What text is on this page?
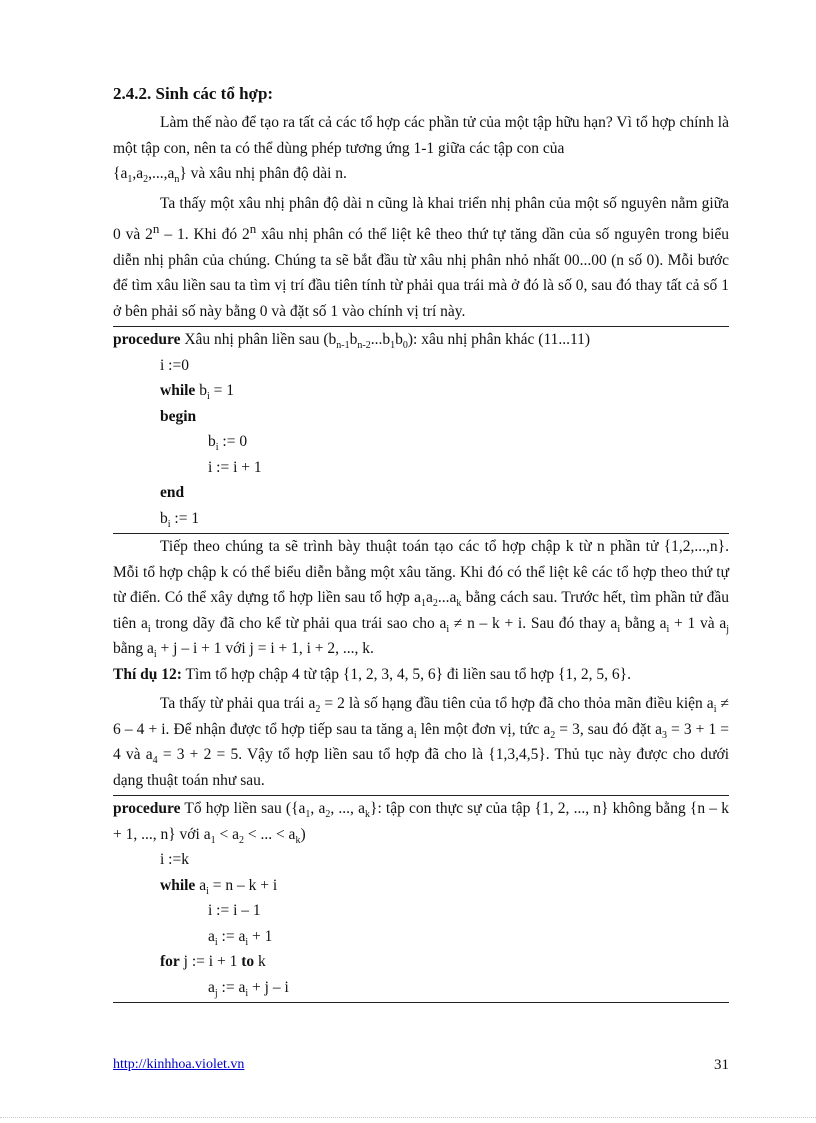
2.4.2. Sinh các tổ hợp:

Làm thế nào để tạo ra tất cả các tổ hợp các phần tử của một tập hữu hạn? Vì tổ hợp chính là một tập con, nên ta có thể dùng phép tương ứng 1-1 giữa các tập con của
$\{a_1,a_2,...,a_n\}$ và xâu nhị phân độ dài n.

Ta thấy một xâu nhị phân độ dài n cũng là khai triển nhị phân của một số nguyên nằm giữa 0 và 2$^n$ – 1. Khi đó 2$^n$ xâu nhị phân có thể liệt kê theo thứ tự tăng dần của số nguyên trong biểu diễn nhị phân của chúng. Chúng ta sẽ bắt đầu từ xâu nhị phân nhỏ nhất 00...00 (n số 0). Mỗi bước để tìm xâu liền sau ta tìm vị trí đầu tiên tính từ phải qua trái mà ở đó là số 0, sau đó thay tất cả số 1 ở bên phải số này bằng 0 và đặt số 1 vào chính vị trí này.

procedure Xâu nhị phân liền sau $(b_{n-1}b_{n-2}...b_1b_0)$: xâu nhị phân khác (11...11)
i :=0
while $b_i = 1$
begin
$b_i$ := 0
i := i + 1
end
$b_i$ := 1

Tiếp theo chúng ta sẽ trình bày thuật toán tạo các tổ hợp chập k từ n phần tử {1,2,...,n}. Mỗi tổ hợp chập k có thể biểu diễn bằng một xâu tăng. Khi đó có thể liệt kê các tổ hợp theo thứ tự từ điển. Có thể xây dựng tổ hợp liền sau tổ hợp $a_1a_2...a_k$ bằng cách sau. Trước hết, tìm phần tử đầu tiên $a_i$ trong dãy đã cho kể từ phải qua trái sao cho $a_i \ne n - k + i$. Sau đó thay $a_i$ bằng $a_i + 1$ và $a_j$ bằng $a_i + j - i + 1$ với j = i + 1, i + 2, ..., k.

Thí dụ 12: Tìm tổ hợp chập 4 từ tập {1, 2, 3, 4, 5, 6} đi liền sau tổ hợp {1, 2, 5, 6}.

Ta thấy từ phải qua trái $a_2 = 2$ là số hạng đầu tiên của tổ hợp đã cho thỏa mãn điều kiện $a_i \ne 6 - 4 + i$. Để nhận được tổ hợp tiếp sau ta tăng $a_i$ lên một đơn vị, tức $a_2 = 3$, sau đó đặt $a_3 = 3 + 1 = 4$ và $a_4 = 3 + 2 = 5$. Vậy tổ hợp liền sau tổ hợp đã cho là {1,3,4,5}. Thủ tục này được cho dưới dạng thuật toán như sau.

procedure Tổ hợp liền sau ({$a_1$, $a_2$, ..., $a_k$}: tập con thực sự của tập {1, 2, ..., n} không bằng {n – k + 1, ..., n} với $a_1 < a_2$ < ... < $a_k$)

i :=k
while $a_i = n - k + i$
i := i – 1
$a_i$ := $a_i + 1$
for j := i + 1 to k
$a_j$ := $a_i + j - i$
http://kinhhoa.violet.vn	31
